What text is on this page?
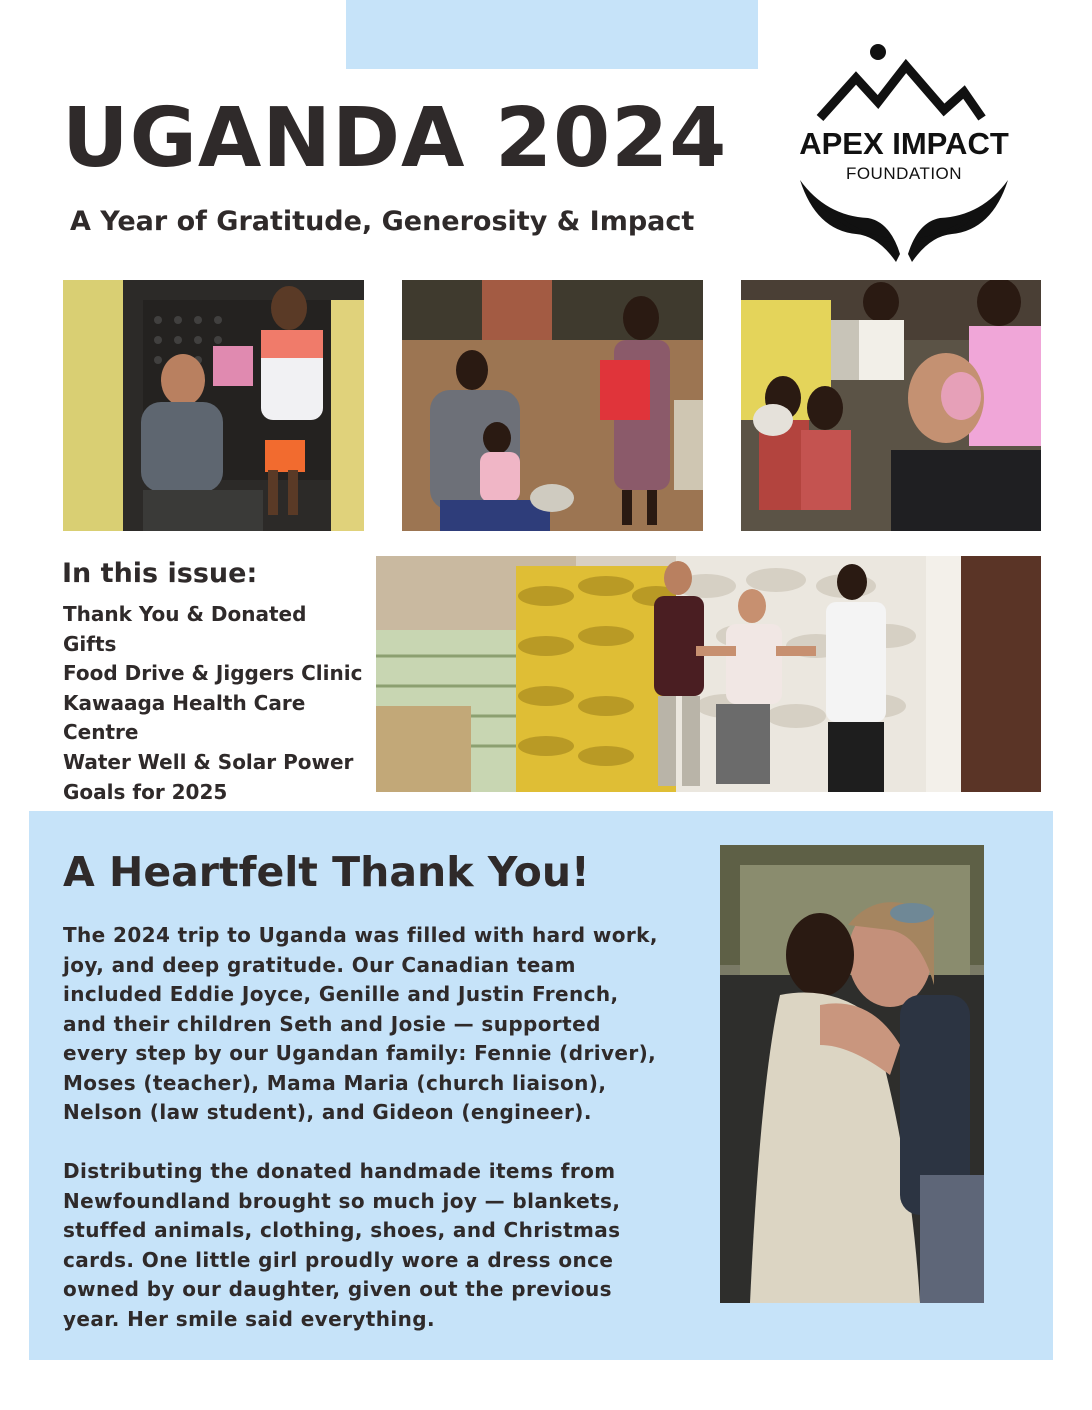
UGANDA 2024
A Year of Gratitude, Generosity & Impact
APEX IMPACT
FOUNDATION
In this issue:
Thank You & Donated Gifts
Food Drive & Jiggers Clinic
Kawaaga Health Care Centre
Water Well & Solar Power
Goals for 2025
A Heartfelt Thank You!

The 2024 trip to Uganda was filled with hard work, joy, and deep gratitude. Our Canadian team included Eddie Joyce, Genille and Justin French, and their children Seth and Josie — supported every step by our Ugandan family: Fennie (driver), Moses (teacher), Mama Maria (church liaison), Nelson (law student), and Gideon (engineer).

Distributing the donated handmade items from Newfoundland brought so much joy — blankets, stuffed animals, clothing, shoes, and Christmas cards. One little girl proudly wore a dress once owned by our daughter, given out the previous year. Her smile said everything.
